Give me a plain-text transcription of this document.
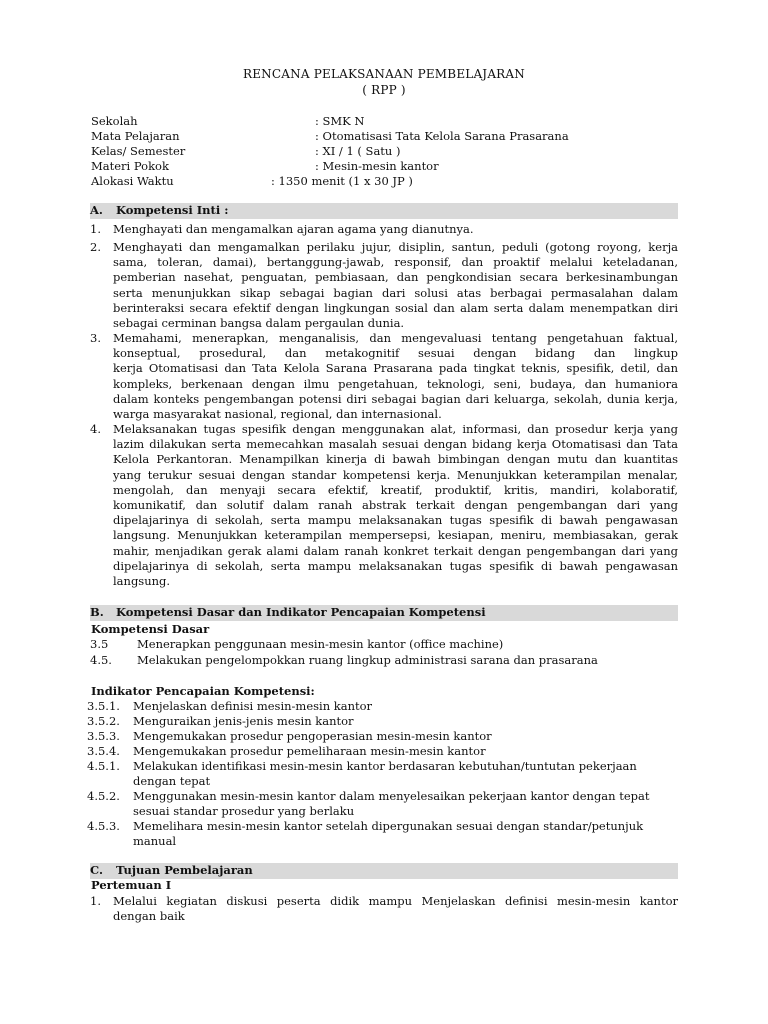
RENCANA PELAKSANAAN PEMBELAJARAN
( RPP )
Sekolah	: SMK N
Mata Pelajaran	: Otomatisasi Tata Kelola Sarana Prasarana
Kelas/ Semester	: XI / 1 ( Satu )
Materi Pokok	: Mesin-mesin kantor
Alokasi Waktu	: 1350 menit (1 x 30 JP )
A. Kompetensi Inti :
1. Menghayati dan mengamalkan ajaran agama yang dianutnya.
2. Menghayati dan mengamalkan perilaku jujur, disiplin, santun, peduli (gotong royong, kerja
sama, toleran, damai), bertanggung-jawab, responsif, dan proaktif melalui keteladanan,
pemberian nasehat, penguatan, pembiasaan, dan pengkondisian secara berkesinambungan
serta menunjukkan sikap sebagai bagian dari solusi atas berbagai permasalahan dalam
berinteraksi secara efektif dengan lingkungan sosial dan alam serta dalam menempatkan diri
sebagai cerminan bangsa dalam pergaulan dunia.
3. Memahami, menerapkan, menganalisis, dan mengevaluasi tentang pengetahuan faktual,
konseptual, prosedural, dan metakognitif sesuai dengan bidang dan lingkup
kerja Otomatisasi dan Tata Kelola Sarana Prasarana pada tingkat teknis, spesifik, detil, dan
kompleks, berkenaan dengan ilmu pengetahuan, teknologi, seni, budaya, dan humaniora
dalam konteks pengembangan potensi diri sebagai bagian dari keluarga, sekolah, dunia kerja,
warga masyarakat nasional, regional, dan internasional.
4. Melaksanakan tugas spesifik dengan menggunakan alat, informasi, dan prosedur kerja yang
lazim dilakukan serta memecahkan masalah sesuai dengan bidang kerja Otomatisasi dan Tata
Kelola Perkantoran. Menampilkan kinerja di bawah bimbingan dengan mutu dan kuantitas
yang terukur sesuai dengan standar kompetensi kerja. Menunjukkan keterampilan menalar,
mengolah, dan menyaji secara efektif, kreatif, produktif, kritis, mandiri, kolaboratif,
komunikatif, dan solutif dalam ranah abstrak terkait dengan pengembangan dari yang
dipelajarinya di sekolah, serta mampu melaksanakan tugas spesifik di bawah pengawasan
langsung. Menunjukkan keterampilan mempersepsi, kesiapan, meniru, membiasakan, gerak
mahir, menjadikan gerak alami dalam ranah konkret terkait dengan pengembangan dari yang
dipelajarinya di sekolah, serta mampu melaksanakan tugas spesifik di bawah pengawasan
langsung.
B. Kompetensi Dasar dan Indikator Pencapaian Kompetensi
Kompetensi Dasar
3.5 Menerapkan penggunaan mesin-mesin kantor (office machine)
4.5. Melakukan pengelompokkan ruang lingkup administrasi sarana dan prasarana
Indikator Pencapaian Kompetensi:
3.5.1. Menjelaskan definisi mesin-mesin kantor
3.5.2. Menguraikan jenis-jenis mesin kantor
3.5.3. Mengemukakan prosedur pengoperasian mesin-mesin kantor
3.5.4. Mengemukakan prosedur pemeliharaan mesin-mesin kantor
4.5.1. Melakukan identifikasi mesin-mesin kantor berdasaran kebutuhan/tuntutan pekerjaan
dengan tepat
4.5.2. Menggunakan mesin-mesin kantor dalam menyelesaikan pekerjaan kantor dengan tepat
sesuai standar prosedur yang berlaku
4.5.3. Memelihara mesin-mesin kantor setelah dipergunakan sesuai dengan standar/petunjuk
manual
C. Tujuan Pembelajaran
Pertemuan I
1. Melalui kegiatan diskusi peserta didik mampu Menjelaskan definisi mesin-mesin kantor
dengan baik
